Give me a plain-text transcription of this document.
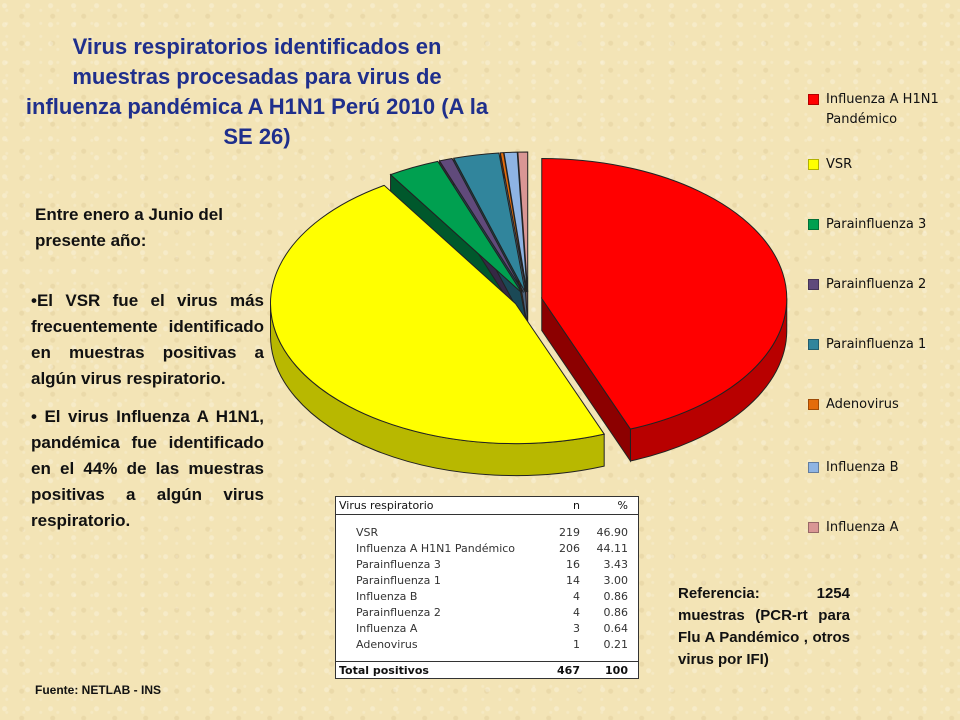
Virus respiratorios identificados en muestras procesadas para virus de influenza pandémica A H1N1 Perú 2010 (A la SE 26)
Entre enero a Junio del presente año:

•El VSR fue el virus más frecuentemente identificado en muestras positivas a algún virus respiratorio.

• El virus Influenza A H1N1, pandémica fue identificado en el 44% de las muestras positivas a algún virus respiratorio.

Influenza A H1N1 Pandémico
VSR
Parainfluenza 3
Parainfluenza 2
Parainfluenza 1
Adenovirus
Influenza B
Influenza A
Virus respiratorio	n	%
VSR	219	46.90
Influenza A H1N1 Pandémico	206	44.11
Parainfluenza 3	16	3.43
Parainfluenza 1	14	3.00
Influenza B	4	0.86
Parainfluenza 2	4	0.86
Influenza A	3	0.64
Adenovirus	1	0.21
Total positivos	467	100
Referencia: 1254 muestras (PCR-rt para Flu A Pandémico , otros virus por IFI)
Fuente: NETLAB - INS
